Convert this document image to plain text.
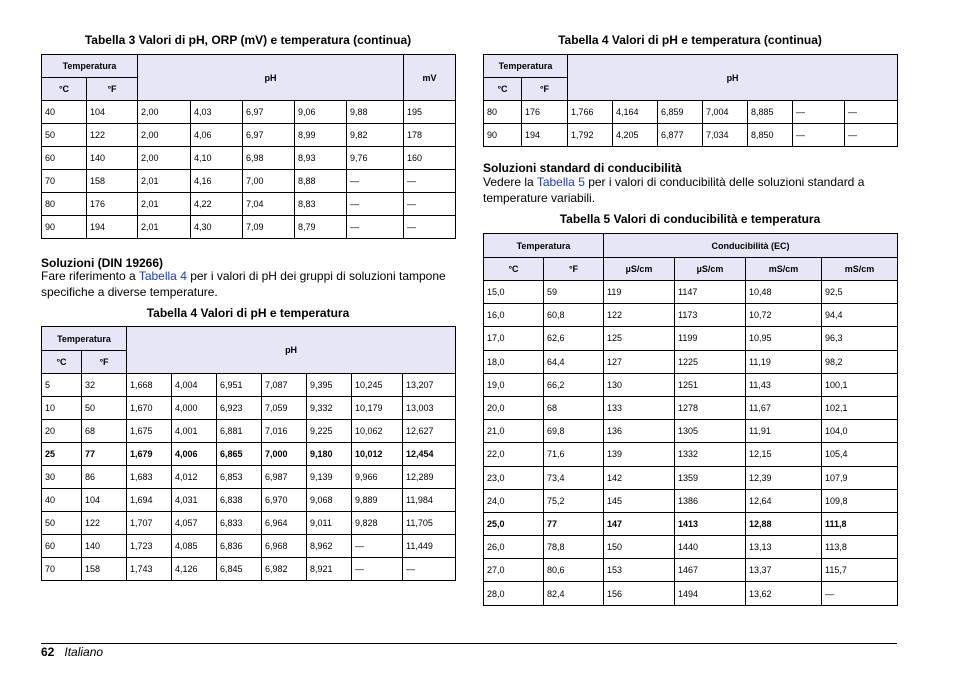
Tabella 3 Valori di pH, ORP (mV) e temperatura (continua)
Temperatura		pH					mV
°C	°F						
40	104	2,00	4,03	6,97	9,06	9,88	195
50	122	2,00	4,06	6,97	8,99	9,82	178
60	140	2,00	4,10	6,98	8,93	9,76	160
70	158	2,01	4,16	7,00	8,88	—	—
80	176	2,01	4,22	7,04	8,83	—	—
90	194	2,01	4,30	7,09	8,79	—	—
Soluzioni (DIN 19266)
Fare riferimento a Tabella 4 per i valori di pH dei gruppi di soluzioni tampone specifiche a diverse temperature.
Tabella 4 Valori di pH e temperatura
Temperatura		pH						
°C	°F							
5	32	1,668	4,004	6,951	7,087	9,395	10,245	13,207
10	50	1,670	4,000	6,923	7,059	9,332	10,179	13,003
20	68	1,675	4,001	6,881	7,016	9,225	10,062	12,627
25	77	1,679	4,006	6,865	7,000	9,180	10,012	12,454
30	86	1,683	4,012	6,853	6,987	9,139	9,966	12,289
40	104	1,694	4,031	6,838	6,970	9,068	9,889	11,984
50	122	1,707	4,057	6,833	6,964	9,011	9,828	11,705
60	140	1,723	4,085	6,836	6,968	8,962	—	11,449
70	158	1,743	4,126	6,845	6,982	8,921	—	—
Tabella 4 Valori di pH e temperatura (continua)
Temperatura		pH						
°C	°F							
80	176	1,766	4,164	6,859	7,004	8,885	—	—
90	194	1,792	4,205	6,877	7,034	8,850	—	—
Soluzioni standard di conducibilità
Vedere la Tabella 5 per i valori di conducibilità delle soluzioni standard a temperature variabili.
Tabella 5 Valori di conducibilità e temperatura
Temperatura		Conducibilità (EC)			
°C	°F	µS/cm	µS/cm	mS/cm	mS/cm
15,0	59	119	1147	10,48	92,5
16,0	60,8	122	1173	10,72	94,4
17,0	62,6	125	1199	10,95	96,3
18,0	64,4	127	1225	11,19	98,2
19,0	66,2	130	1251	11,43	100,1
20,0	68	133	1278	11,67	102,1
21,0	69,8	136	1305	11,91	104,0
22,0	71,6	139	1332	12,15	105,4
23,0	73,4	142	1359	12,39	107,9
24,0	75,2	145	1386	12,64	109,8
25,0	77	147	1413	12,88	111,8
26,0	78,8	150	1440	13,13	113,8
27,0	80,6	153	1467	13,37	115,7
28,0	82,4	156	1494	13,62	—
62 Italiano
